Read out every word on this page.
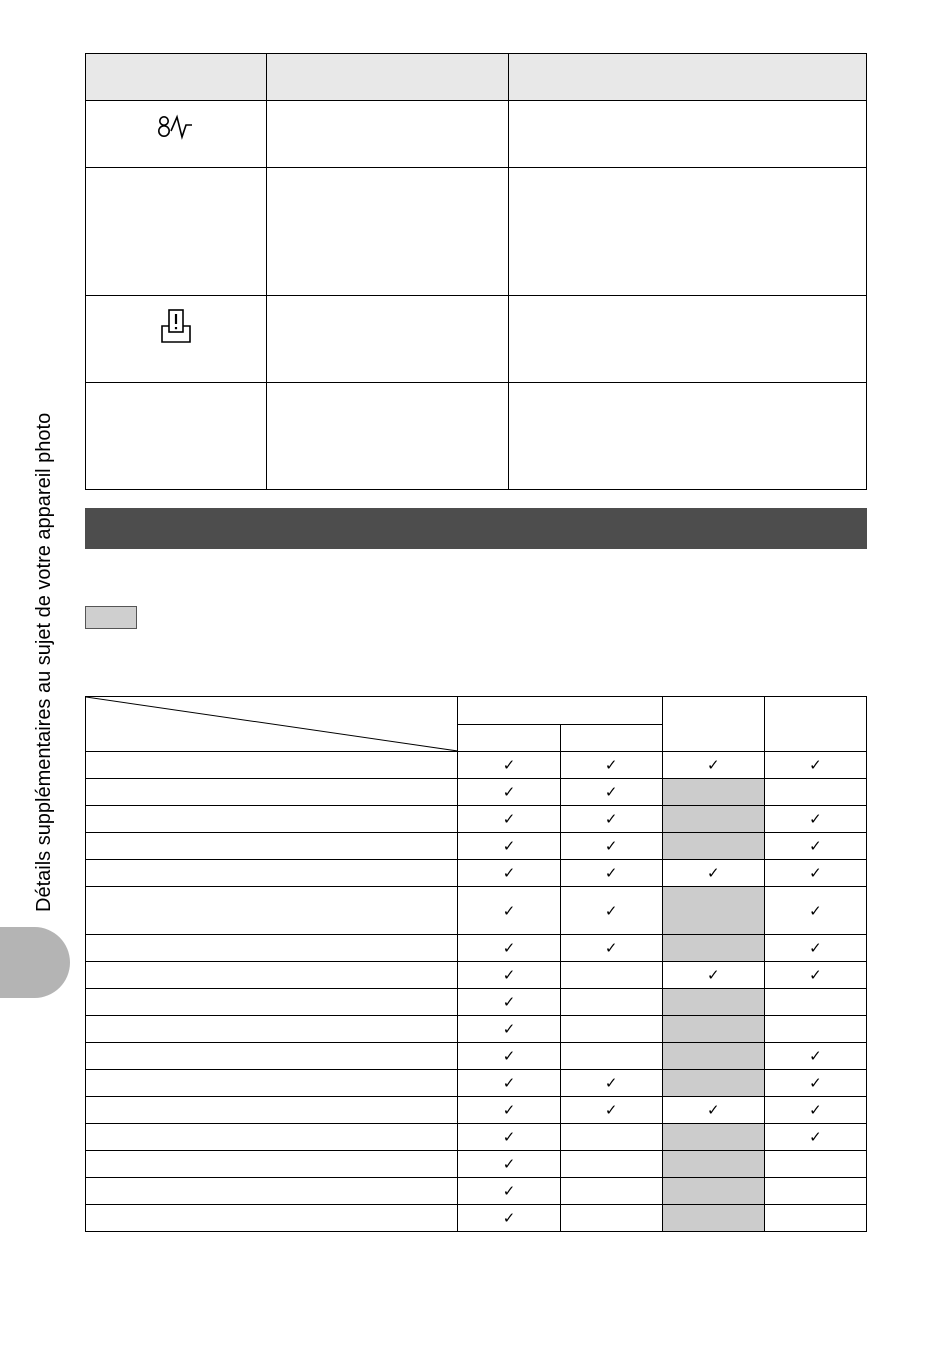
Détails supplémentaires au sujet de votre appareil photo

		✓	✓	✓	✓
	✓	✓		
	✓	✓		✓
	✓	✓		✓
	✓	✓	✓	✓
	✓	✓		✓
	✓	✓		✓
	✓		✓	✓
	✓			
	✓			
	✓			✓
	✓	✓		✓
	✓	✓	✓	✓
	✓			✓
	✓			
	✓			
	✓			
